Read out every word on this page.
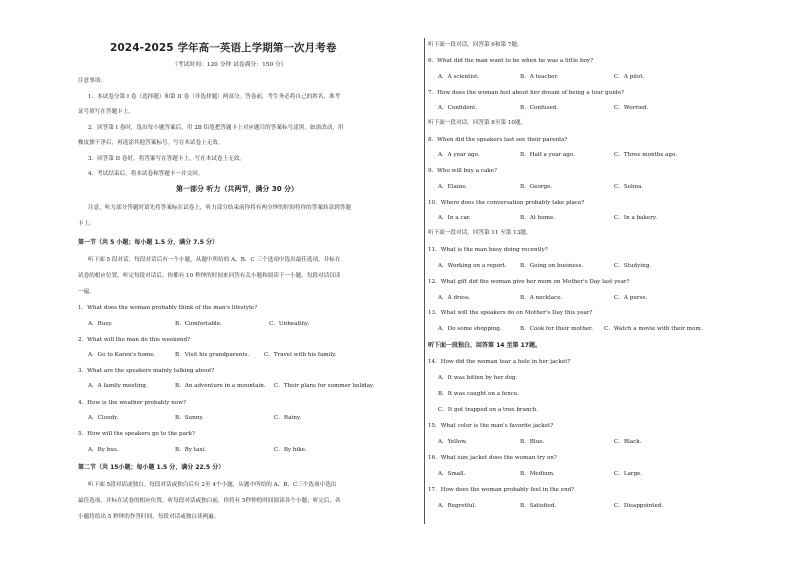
2024-2025 学年高一英语上学期第一次月考卷
（考试时间：120 分钟 试卷满分：150 分）
注意事项：
1．本试卷分第 I 卷（选择题）和第 II 卷（非选择题）两部分。答卷前，考生务必将自己的姓名、准考
证号填写在答题卡上。
2．回答第 I 卷时，选出每小题答案后，用 2B 铅笔把答题卡上对应题目的答案标号涂黑。如需改动，用
橡皮擦干净后，再选涂其他答案标号。写在本试卷上无效。
3．回答第 II 卷时，将答案写在答题卡上。写在本试卷上无效。
4．考试结束后，将本试卷和答题卡一并交回。
第一部分 听力（共两节，满分 30 分）
注意，听力部分答题时请先将答案标在试卷上，听力部分结束前你将有两分钟的时间将你的答案转涂到答题
卡上。
第一节（共 5 小题；每小题 1.5 分，满分 7.5 分）
听下面 5 段对话。每段对话后有一个小题，从题中所给的 A、B、C 三个选项中选出最佳选项，并标在
试卷的相应位置。听完每段对话后，你都有 10 秒钟的时间来回答有关小题和阅读下一小题。每段对话仅读
一遍。
1．What does the woman probably think of the man's lifestyle?
A．Busy.	B．Comfortable.	C．Unhealthy.
2．What will the man do this weekend?
A．Go to Karen's home.	B．Visit his grandparents.	C．Travel with his family.
3．What are the speakers mainly talking about?
A．A family meeting.	B．An adventure in a mountain. C．Their plans for summer holiday.
4．How is the weather probably now?
A．Cloudy.	B．Sunny.	C．Rainy.
5．How will the speakers go to the park?
A．By bus.	B．By taxi.	C．By bike.
第二节（共 15小题；每小题 1.5 分，满分 22.5 分）
听下面 5段对话或独白。每段对话或独白后有 2至 4个小题，从题中所给的 A、B、C三个选项中选出
最佳选项，并标在试卷的相应位置。听每段对话或独白前，你将有 5秒钟的时间阅读各个小题；听完后，各
小题将给出 5 秒钟的作答时间。每段对话或独白读两遍。
听下面一段对话，回答第 6和第 7题。
6．What did the man want to be when he was a little boy?
A．A scientist.	B．A teacher.	C．A pilot.
7．How does the woman feel about her dream of being a tour guide?
A．Confident.	B．Confused.	C．Worried.
听下面一段对话，回答第 8至第 10题。
8．When did the speakers last see their parents?
A．A year ago.	B．Half a year ago.	C．Three months ago.
9．Who will buy a cake?
A．Elaine.	B．George.	C．Selma.
10．Where does the conversation probably take place?
A．In a car.	B．At home.	C．In a bakery.
听下面一段对话，回答第 11 至第 13题。
11．What is the man busy doing recently?
A．Working on a report. B．Going on business.	C．Studying.
12．What gift did the woman give her mom on Mother's Day last year?
A．A dress.	B．A necklace.	C．A purse.
13．What will the speakers do on Mother's Day this year?
A．Do some shopping.	B．Cook for their mother. C．Watch a movie with their mom.
听下面一段独白，回答第 14 至第 17题。
14．How did the woman tear a hole in her jacket?
A．It was bitten by her dog.
B．It was caught on a fence.
C．It got trapped on a tree branch.
15．What color is the man's favorite jacket?
A．Yellow.	B．Blue.	C．Black.
16．What size jacket does the woman try on?
A．Small.	B．Medium.	C．Large.
17．How does the woman probably feel in the end?
A．Regretful.	B．Satisfied.	C．Disappointed.
